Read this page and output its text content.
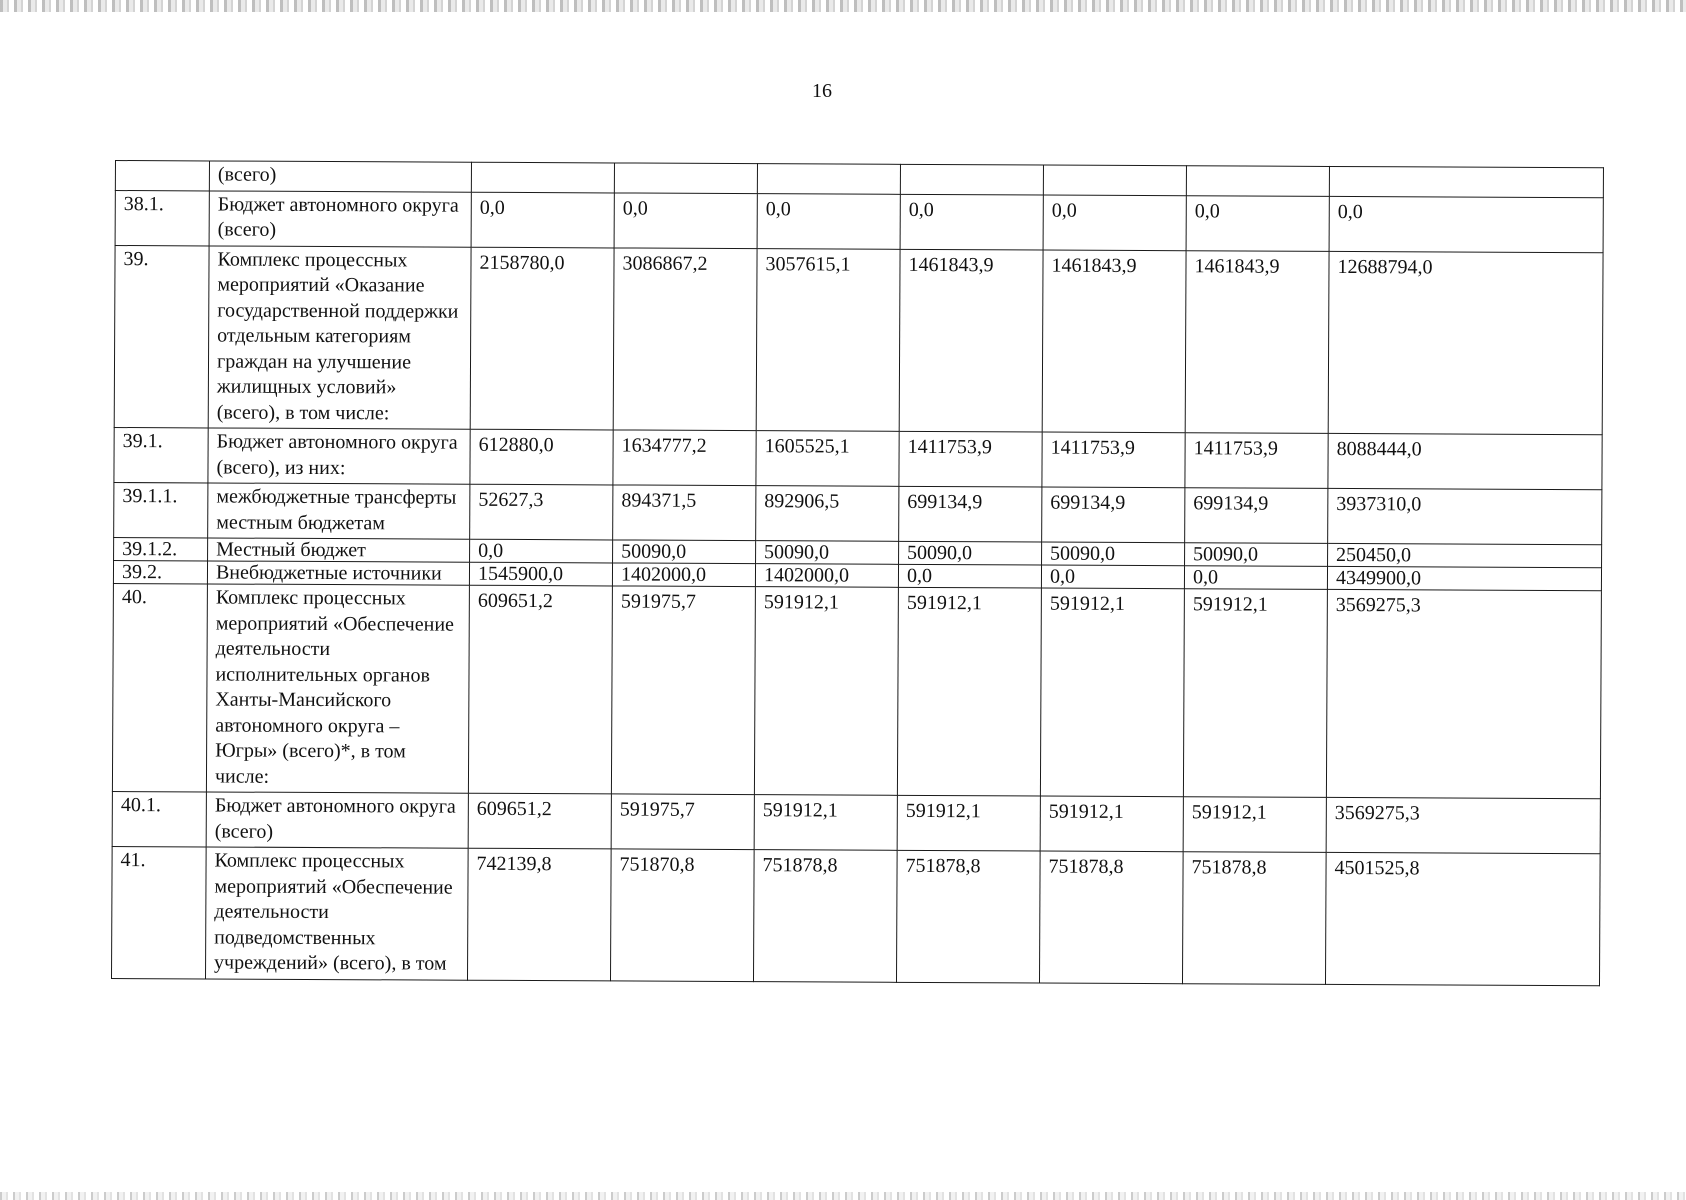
16
	(всего)							
38.1.	Бюджет автономного округа (всего)	0,0	0,0	0,0	0,0	0,0	0,0	0,0
39.	Комплекс процессных мероприятий «Оказание государственной поддержки отдельным категориям граждан на улучшение жилищных условий» (всего), в том числе:	2158780,0	3086867,2	3057615,1	1461843,9	1461843,9	1461843,9	12688794,0
39.1.	Бюджет автономного округа (всего), из них:	612880,0	1634777,2	1605525,1	1411753,9	1411753,9	1411753,9	8088444,0
39.1.1.	межбюджетные трансферты местным бюджетам	52627,3	894371,5	892906,5	699134,9	699134,9	699134,9	3937310,0
39.1.2.	Местный бюджет	0,0	50090,0	50090,0	50090,0	50090,0	50090,0	250450,0
39.2.	Внебюджетные источники	1545900,0	1402000,0	1402000,0	0,0	0,0	0,0	4349900,0
40.	Комплекс процессных мероприятий «Обеспечение деятельности исполнительных органов Ханты-Мансийского автономного округа – Югры» (всего)*, в том числе:	609651,2	591975,7	591912,1	591912,1	591912,1	591912,1	3569275,3
40.1.	Бюджет автономного округа (всего)	609651,2	591975,7	591912,1	591912,1	591912,1	591912,1	3569275,3
41.	Комплекс процессных мероприятий «Обеспечение деятельности подведомственных учреждений» (всего), в том	742139,8	751870,8	751878,8	751878,8	751878,8	751878,8	4501525,8
